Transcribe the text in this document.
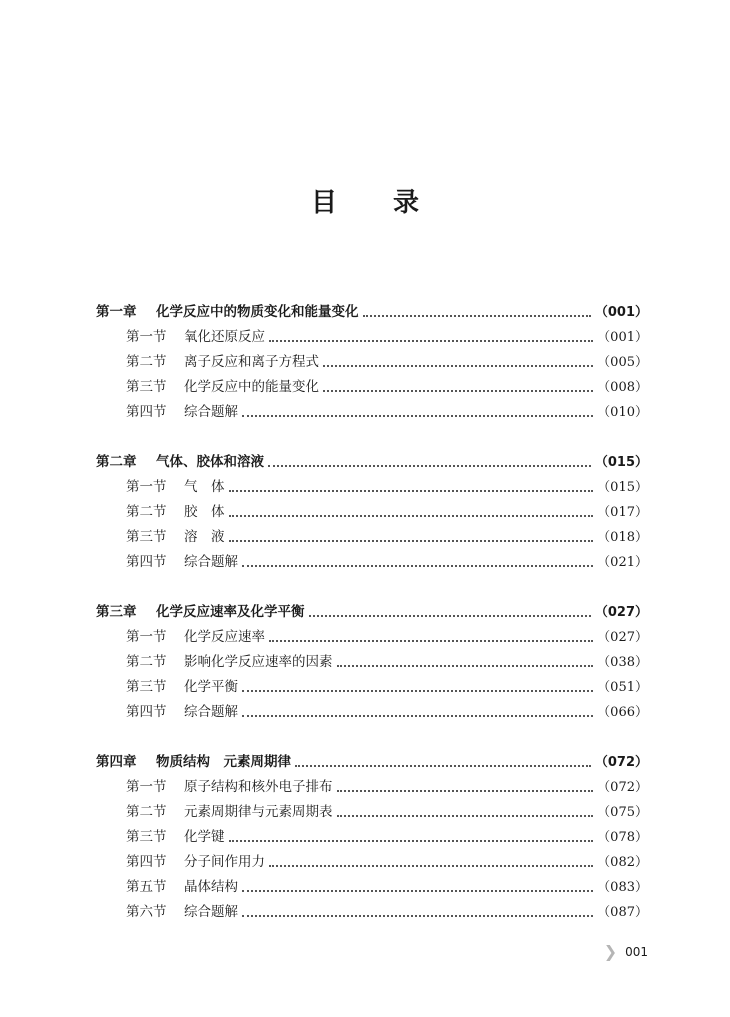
目录
第一章	化学反应中的物质变化和能量变化	（001）
第一节	氧化还原反应	（001）
第二节	离子反应和离子方程式	（005）
第三节	化学反应中的能量变化	（008）
第四节	综合题解	（010）
第二章	气体、胶体和溶液	（015）
第一节	气　体	（015）
第二节	胶　体	（017）
第三节	溶　液	（018）
第四节	综合题解	（021）
第三章	化学反应速率及化学平衡	（027）
第一节	化学反应速率	（027）
第二节	影响化学反应速率的因素	（038）
第三节	化学平衡	（051）
第四节	综合题解	（066）
第四章	物质结构　元素周期律	（072）
第一节	原子结构和核外电子排布	（072）
第二节	元素周期律与元素周期表	（075）
第三节	化学键	（078）
第四节	分子间作用力	（082）
第五节	晶体结构	（083）
第六节	综合题解	（087）
❯ 001
